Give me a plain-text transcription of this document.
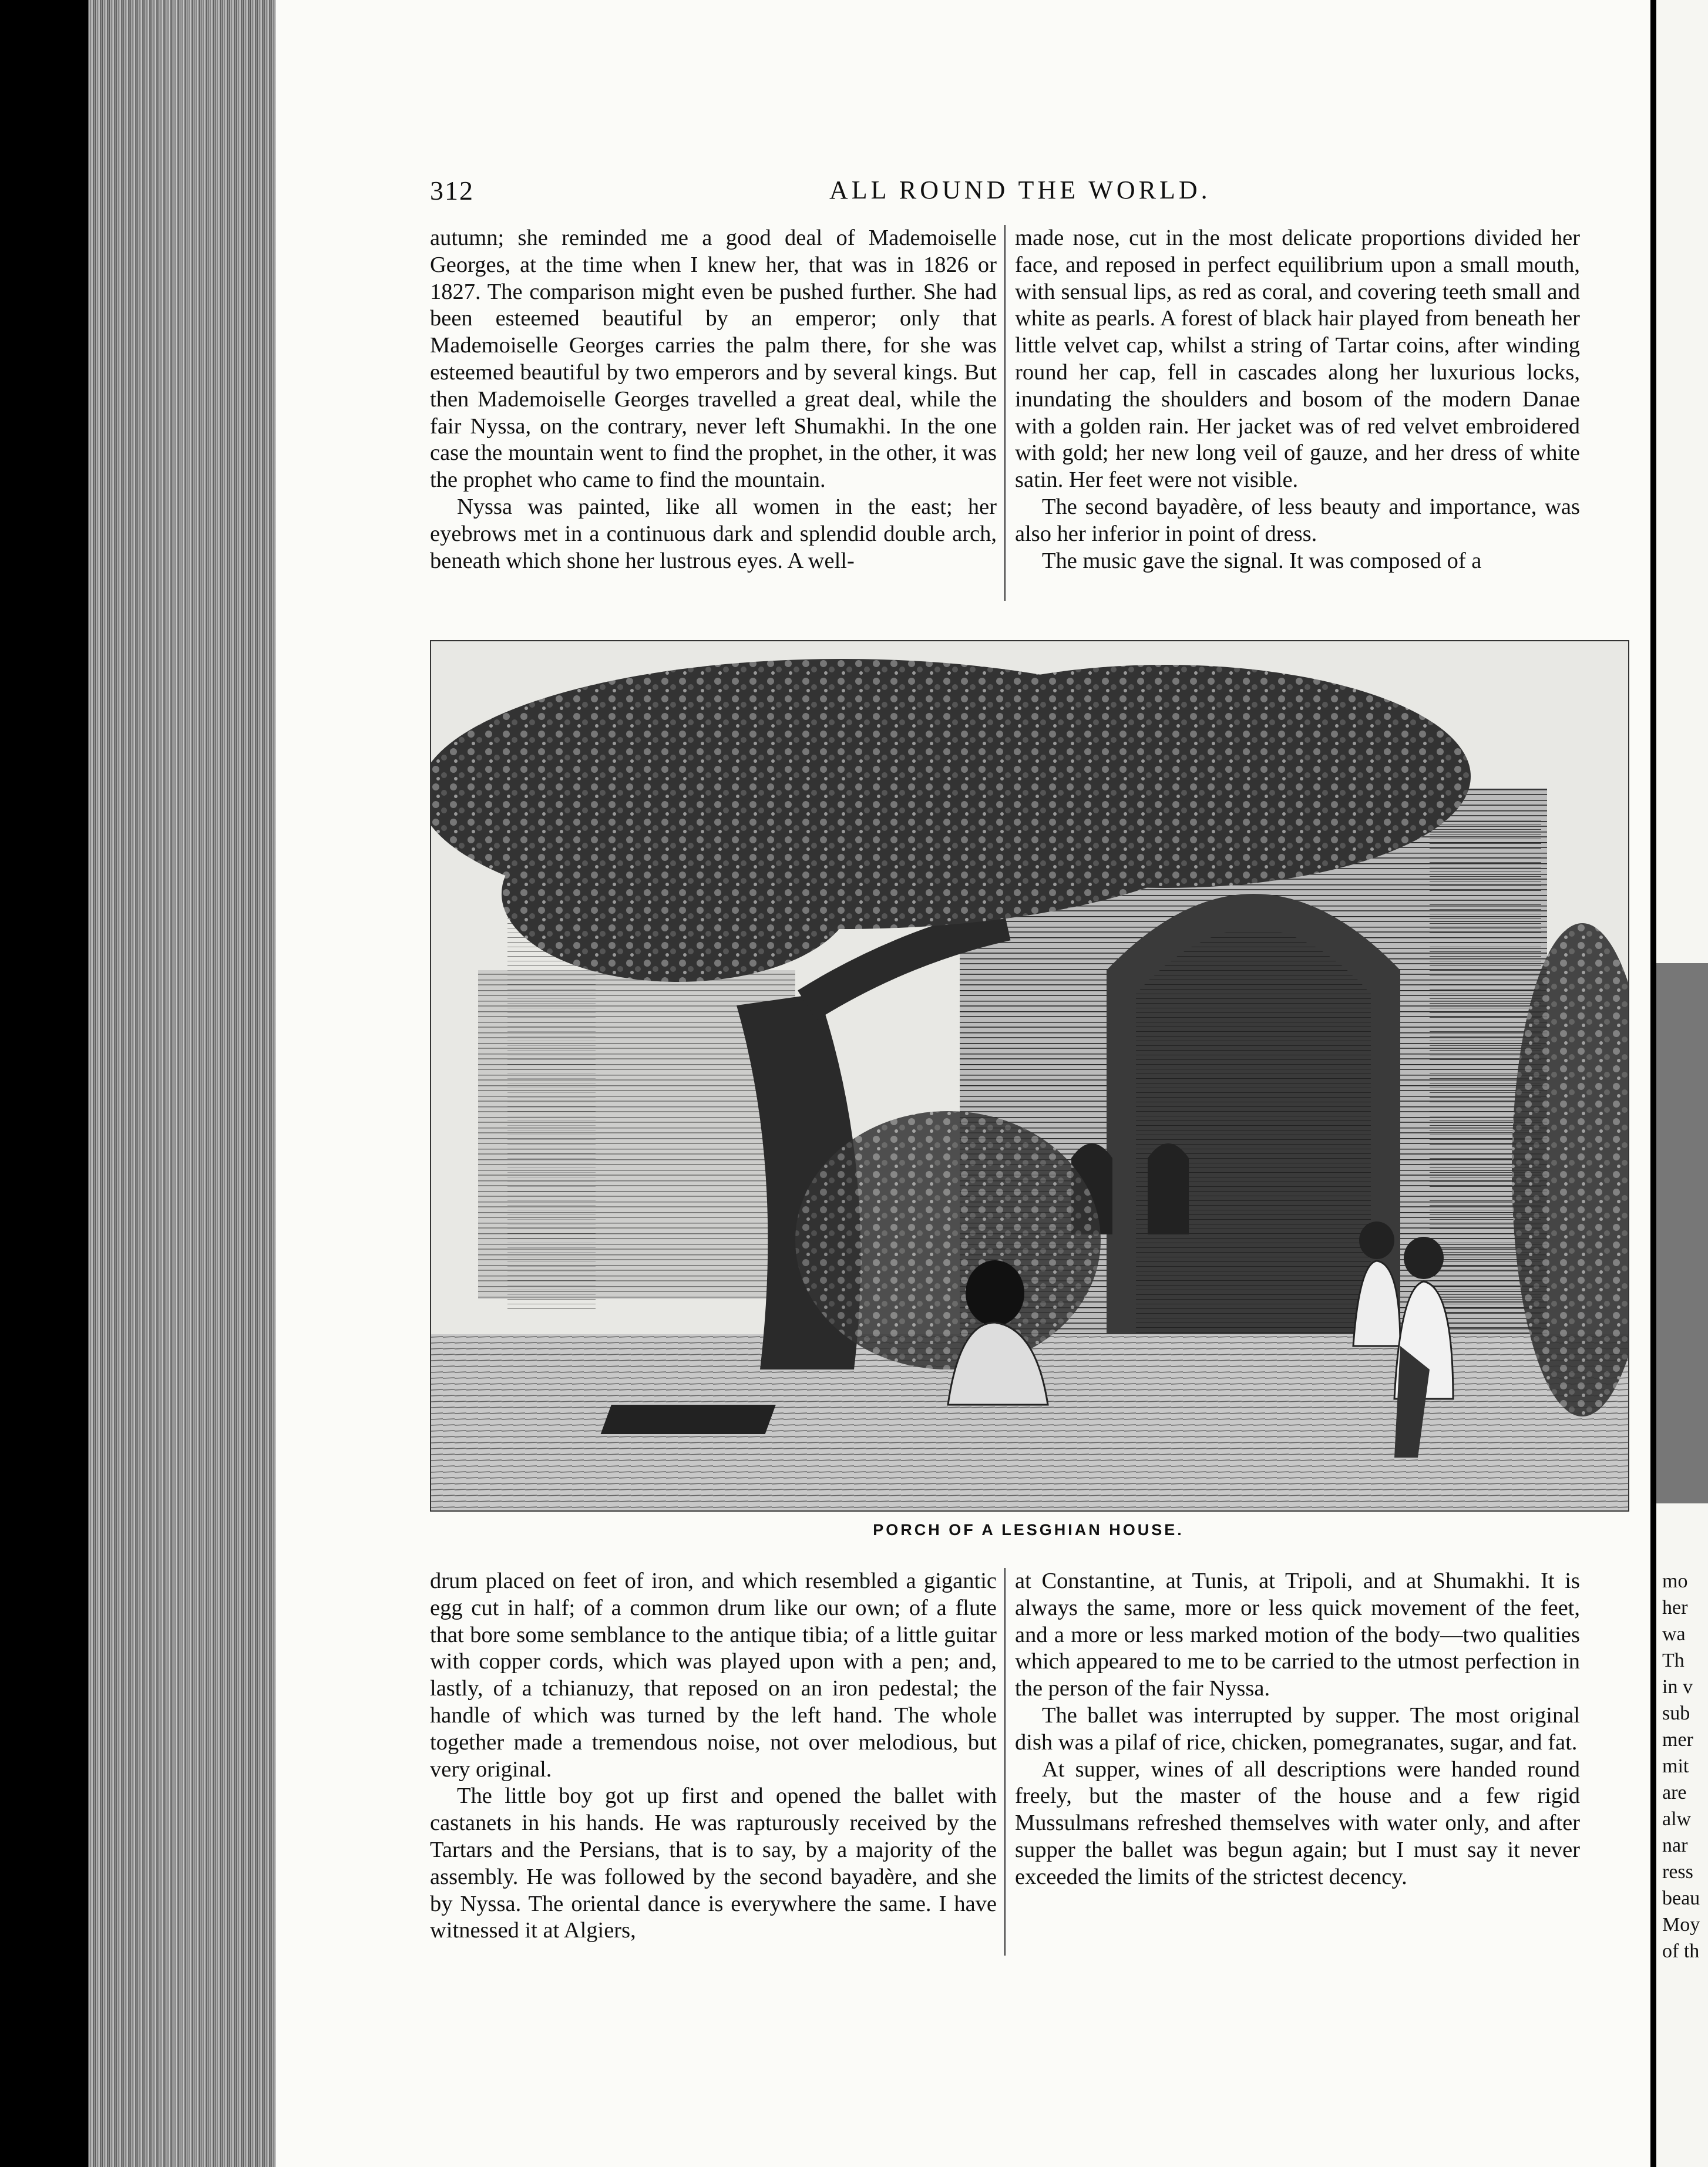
312	ALL ROUND THE WORLD.

autumn; she reminded me a good deal of Mademoiselle Georges, at the time when I knew her, that was in 1826 or 1827. The comparison might even be pushed further. She had been esteemed beautiful by an emperor; only that Mademoiselle Georges carries the palm there, for she was esteemed beautiful by two emperors and by several kings. But then Mademoiselle Georges travelled a great deal, while the fair Nyssa, on the contrary, never left Shumakhi. In the one case the mountain went to find the prophet, in the other, it was the prophet who came to find the mountain.

Nyssa was painted, like all women in the east; her eyebrows met in a continuous dark and splendid double arch, beneath which shone her lustrous eyes. A well-

made nose, cut in the most delicate proportions divided her face, and reposed in perfect equilibrium upon a small mouth, with sensual lips, as red as coral, and covering teeth small and white as pearls. A forest of black hair played from beneath her little velvet cap, whilst a string of Tartar coins, after winding round her cap, fell in cascades along her luxurious locks, inundating the shoulders and bosom of the modern Danae with a golden rain. Her jacket was of red velvet embroidered with gold; her new long veil of gauze, and her dress of white satin. Her feet were not visible.

The second bayadère, of less beauty and importance, was also her inferior in point of dress.

The music gave the signal. It was composed of a

PORCH OF A LESGHIAN HOUSE.

drum placed on feet of iron, and which resembled a gigantic egg cut in half; of a common drum like our own; of a flute that bore some semblance to the antique tibia; of a little guitar with copper cords, which was played upon with a pen; and, lastly, of a tchianuzy, that reposed on an iron pedestal; the handle of which was turned by the left hand. The whole together made a tremendous noise, not over melodious, but very original.

The little boy got up first and opened the ballet with castanets in his hands. He was rapturously received by the Tartars and the Persians, that is to say, by a majority of the assembly. He was followed by the second bayadère, and she by Nyssa. The oriental dance is everywhere the same. I have witnessed it at Algiers,

at Constantine, at Tunis, at Tripoli, and at Shumakhi. It is always the same, more or less quick movement of the feet, and a more or less marked motion of the body—two qualities which appeared to me to be carried to the utmost perfection in the person of the fair Nyssa.

The ballet was interrupted by supper. The most original dish was a pilaf of rice, chicken, pomegranates, sugar, and fat.

At supper, wines of all descriptions were handed round freely, but the master of the house and a few rigid Mussulmans refreshed themselves with water only, and after supper the ballet was begun again; but I must say it never exceeded the limits of the strictest decency.

mo
her
wa
Th
in v
sub
mer
mit
are
alw
nar
ress
beau
Moy
of th
